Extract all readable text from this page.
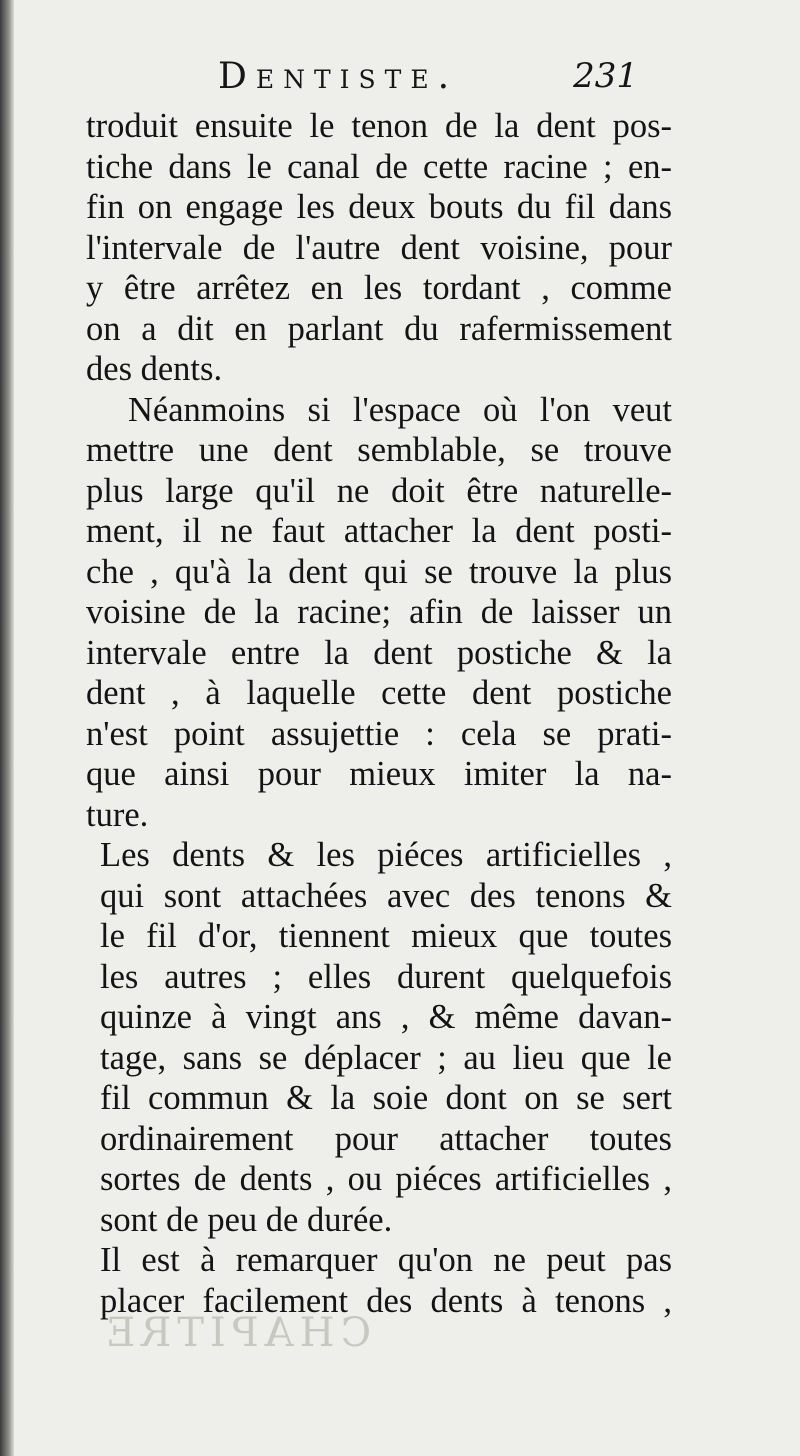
Dentiste.	231
troduit ensuite le tenon de la dent pos-
tiche dans le canal de cette racine ; en-
fin on engage les deux bouts du fil dans
l'intervale de l'autre dent voisine, pour
y être arrêtez en les tordant , comme
on a dit en parlant du rafermissement
des dents.
Néanmoins si l'espace où l'on veut
mettre une dent semblable, se trouve
plus large qu'il ne doit être naturelle-
ment, il ne faut attacher la dent posti-
che , qu'à la dent qui se trouve la plus
voisine de la racine; afin de laisser un
intervale entre la dent postiche & la
dent , à laquelle cette dent postiche
n'est point assujettie : cela se prati-
que ainsi pour mieux imiter la na-
ture.
Les dents & les piéces artificielles ,
qui sont attachées avec des tenons &
le fil d'or, tiennent mieux que toutes
les autres ; elles durent quelquefois
quinze à vingt ans , & même davan-
tage, sans se déplacer ; au lieu que le
fil commun & la soie dont on se sert
ordinairement pour attacher toutes
sortes de dents , ou piéces artificielles ,
sont de peu de durée.
Il est à remarquer qu'on ne peut pas
placer facilement des dents à tenons ,
CHAPITRE
